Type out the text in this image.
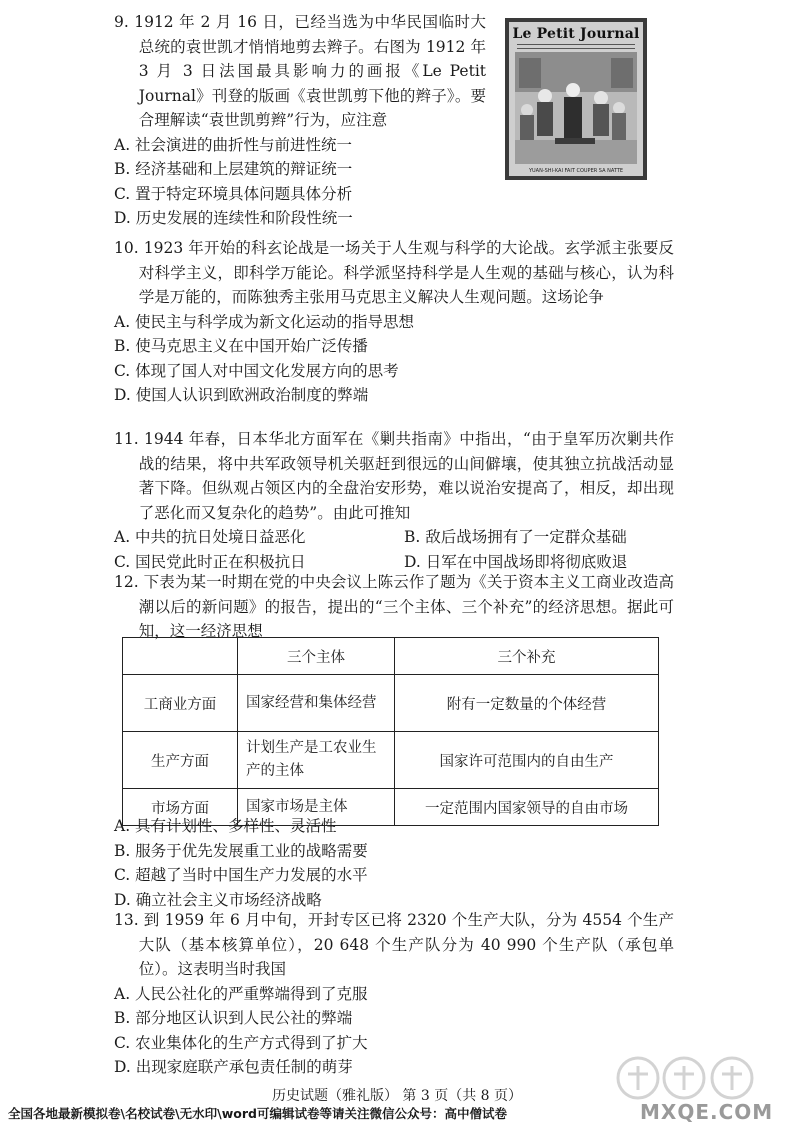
9. 1912 年 2 月 16 日，已经当选为中华民国临时大总统的袁世凯才悄悄地剪去辫子。右图为 1912 年 3 月 3 日法国最具影响力的画报《Le Petit Journal》刊登的版画《袁世凯剪下他的辫子》。要合理解读“袁世凯剪辫”行为，应注意

A. 社会演进的曲折性与前进性统一

B. 经济基础和上层建筑的辩证统一

C. 置于特定环境具体问题具体分析

D. 历史发展的连续性和阶段性统一

Le Petit Journal
YUAN-SHI-KAI FAIT COUPER SA NATTE

10. 1923 年开始的科玄论战是一场关于人生观与科学的大论战。玄学派主张要反对科学主义，即科学万能论。科学派坚持科学是人生观的基础与核心，认为科学是万能的，而陈独秀主张用马克思主义解决人生观问题。这场论争

A. 使民主与科学成为新文化运动的指导思想

B. 使马克思主义在中国开始广泛传播

C. 体现了国人对中国文化发展方向的思考

D. 使国人认识到欧洲政治制度的弊端

11. 1944 年春，日本华北方面军在《剿共指南》中指出，“由于皇军历次剿共作战的结果，将中共军政领导机关驱赶到很远的山间僻壤，使其独立抗战活动显著下降。但纵观占领区内的全盘治安形势，难以说治安提高了，相反，却出现了恶化而又复杂化的趋势”。由此可推知

A. 中共的抗日处境日益恶化	B. 敌后战场拥有了一定群众基础

C. 国民党此时正在积极抗日	D. 日军在中国战场即将彻底败退

12. 下表为某一时期在党的中央会议上陈云作了题为《关于资本主义工商业改造高潮以后的新问题》的报告，提出的“三个主体、三个补充”的经济思想。据此可知，这一经济思想

	三个主体	三个补充
工商业方面	国家经营和集体经营	附有一定数量的个体经营
生产方面	计划生产是工农业生产的主体	国家许可范围内的自由生产
市场方面	国家市场是主体	一定范围内国家领导的自由市场

A. 具有计划性、多样性、灵活性

B. 服务于优先发展重工业的战略需要

C. 超越了当时中国生产力发展的水平

D. 确立社会主义市场经济战略

13. 到 1959 年 6 月中旬，开封专区已将 2320 个生产大队，分为 4554 个生产大队（基本核算单位），20 648 个生产队分为 40 990 个生产队（承包单位）。这表明当时我国

A. 人民公社化的严重弊端得到了克服

B. 部分地区认识到人民公社的弊端

C. 农业集体化的生产方式得到了扩大

D. 出现家庭联产承包责任制的萌芽

历史试题（雅礼版） 第 3 页（共 8 页）
MXQE.COM
全国各地最新模拟卷\名校试卷\无水印\word可编辑试卷等请关注微信公众号：高中僧试卷
